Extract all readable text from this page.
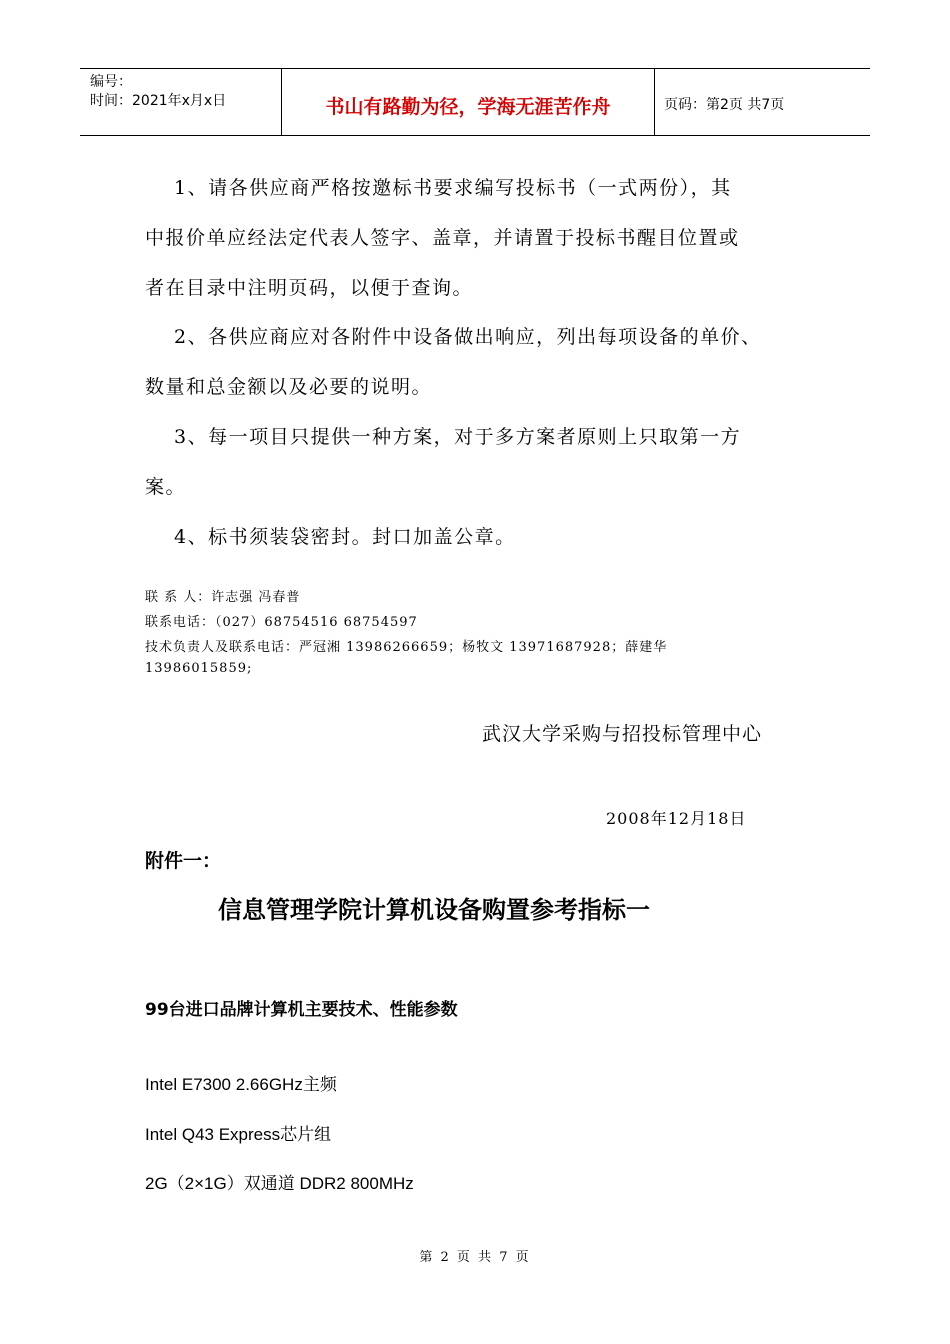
编号：
时间：2021年x月x日	书山有路勤为径，学海无涯苦作舟	页码：第2页 共7页
1、请各供应商严格按邀标书要求编写投标书（一式两份），其
中报价单应经法定代表人签字、盖章，并请置于投标书醒目位置或
者在目录中注明页码，以便于查询。
2、各供应商应对各附件中设备做出响应，列出每项设备的单价、
数量和总金额以及必要的说明。
3、每一项目只提供一种方案，对于多方案者原则上只取第一方
案。
4、标书须装袋密封。封口加盖公章。
联 系 人：许志强 冯春普
联系电话：（027）68754516 68754597
技术负责人及联系电话：严冠湘 13986266659；杨牧文 13971687928；薛建华
13986015859;
武汉大学采购与招投标管理中心
2008年12月18日
附件一：
信息管理学院计算机设备购置参考指标一
99台进口品牌计算机主要技术、性能参数
Intel E7300 2.66GHz主频
Intel Q43 Express芯片组
2G（2×1G）双通道 DDR2 800MHz
第 2 页 共 7 页
